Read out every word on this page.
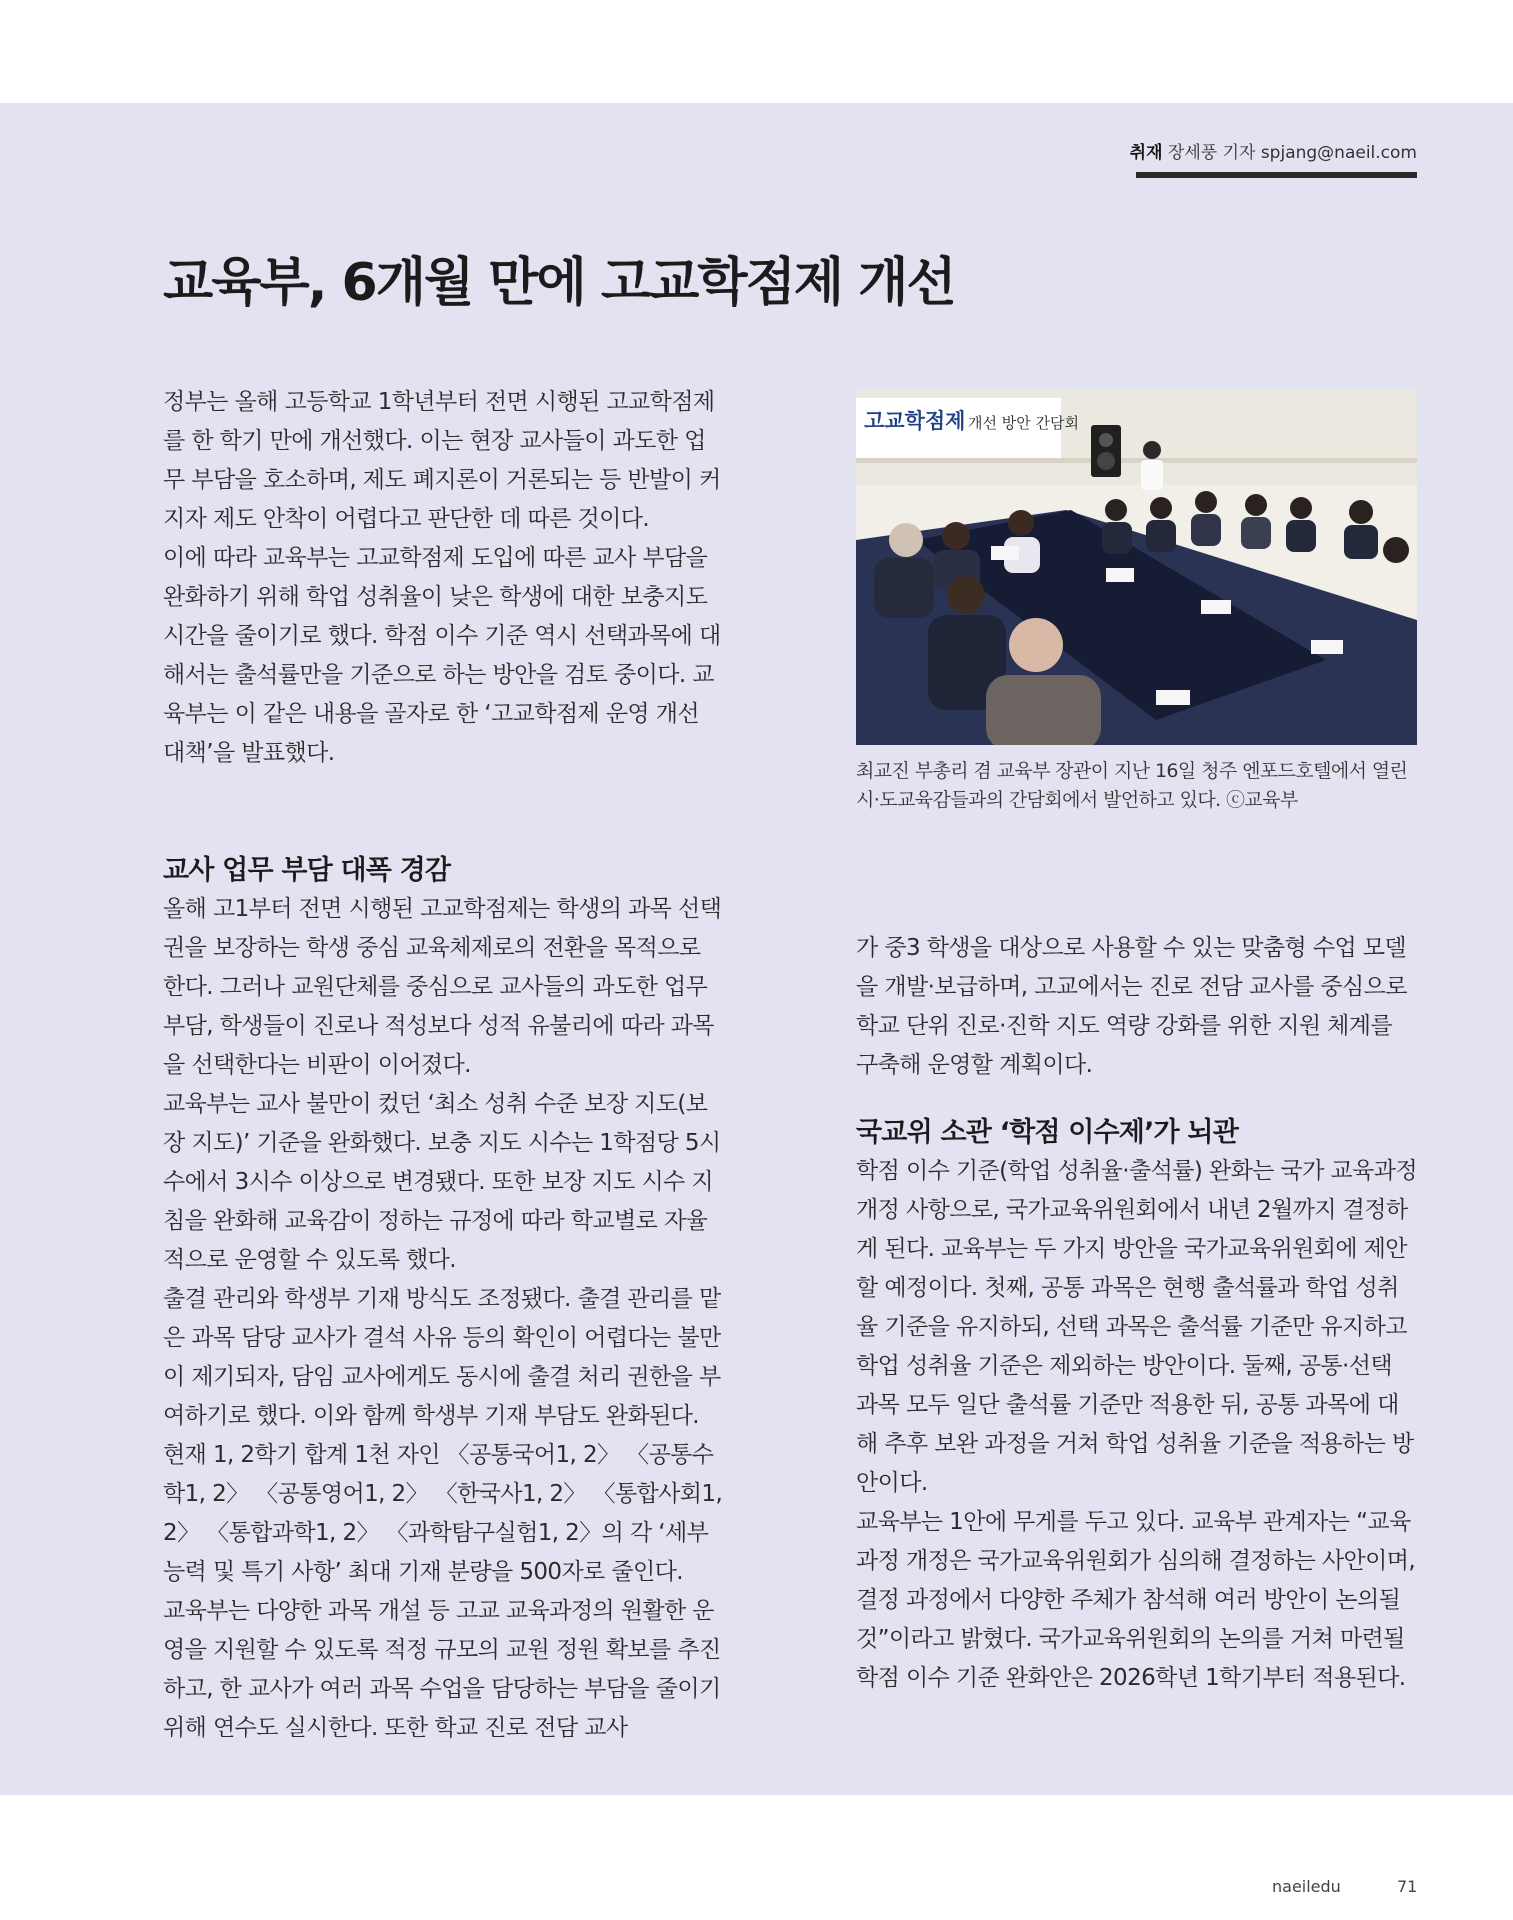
취재 장세풍 기자 spjang@naeil.com
교육부, 6개월 만에 고교학점제 개선

정부는 올해 고등학교 1학년부터 전면 시행된 고교학점제를 한 학기 만에 개선했다. 이는 현장 교사들이 과도한 업무 부담을 호소하며, 제도 폐지론이 거론되는 등 반발이 커지자 제도 안착이 어렵다고 판단한 데 따른 것이다.

이에 따라 교육부는 고교학점제 도입에 따른 교사 부담을 완화하기 위해 학업 성취율이 낮은 학생에 대한 보충지도 시간을 줄이기로 했다. 학점 이수 기준 역시 선택과목에 대해서는 출석률만을 기준으로 하는 방안을 검토 중이다. 교육부는 이 같은 내용을 골자로 한 ‘고교학점제 운영 개선 대책’을 발표했다.

고교학점제 개선 방안 간담회
최교진 부총리 겸 교육부 장관이 지난 16일 청주 엔포드호텔에서 열린 시·도교육감들과의 간담회에서 발언하고 있다. ⓒ교육부
교사 업무 부담 대폭 경감

올해 고1부터 전면 시행된 고교학점제는 학생의 과목 선택권을 보장하는 학생 중심 교육체제로의 전환을 목적으로 한다. 그러나 교원단체를 중심으로 교사들의 과도한 업무 부담, 학생들이 진로나 적성보다 성적 유불리에 따라 과목을 선택한다는 비판이 이어졌다.

교육부는 교사 불만이 컸던 ‘최소 성취 수준 보장 지도(보장 지도)’ 기준을 완화했다. 보충 지도 시수는 1학점당 5시수에서 3시수 이상으로 변경됐다. 또한 보장 지도 시수 지침을 완화해 교육감이 정하는 규정에 따라 학교별로 자율적으로 운영할 수 있도록 했다.

출결 관리와 학생부 기재 방식도 조정됐다. 출결 관리를 맡은 과목 담당 교사가 결석 사유 등의 확인이 어렵다는 불만이 제기되자, 담임 교사에게도 동시에 출결 처리 권한을 부여하기로 했다. 이와 함께 학생부 기재 부담도 완화된다. 현재 1, 2학기 합계 1천 자인 〈공통국어1, 2〉 〈공통수학1, 2〉 〈공통영어1, 2〉 〈한국사1, 2〉 〈통합사회1, 2〉 〈통합과학1, 2〉 〈과학탐구실험1, 2〉의 각 ‘세부 능력 및 특기 사항’ 최대 기재 분량을 500자로 줄인다.

교육부는 다양한 과목 개설 등 고교 교육과정의 원활한 운영을 지원할 수 있도록 적정 규모의 교원 정원 확보를 추진하고, 한 교사가 여러 과목 수업을 담당하는 부담을 줄이기 위해 연수도 실시한다. 또한 학교 진로 전담 교사

가 중3 학생을 대상으로 사용할 수 있는 맞춤형 수업 모델을 개발·보급하며, 고교에서는 진로 전담 교사를 중심으로 학교 단위 진로·진학 지도 역량 강화를 위한 지원 체계를 구축해 운영할 계획이다.

국교위 소관 ‘학점 이수제’가 뇌관

학점 이수 기준(학업 성취율·출석률) 완화는 국가 교육과정 개정 사항으로, 국가교육위원회에서 내년 2월까지 결정하게 된다. 교육부는 두 가지 방안을 국가교육위원회에 제안할 예정이다. 첫째, 공통 과목은 현행 출석률과 학업 성취율 기준을 유지하되, 선택 과목은 출석률 기준만 유지하고 학업 성취율 기준은 제외하는 방안이다. 둘째, 공통·선택 과목 모두 일단 출석률 기준만 적용한 뒤, 공통 과목에 대해 추후 보완 과정을 거쳐 학업 성취율 기준을 적용하는 방안이다.

교육부는 1안에 무게를 두고 있다. 교육부 관계자는 “교육과정 개정은 국가교육위원회가 심의해 결정하는 사안이며, 결정 과정에서 다양한 주체가 참석해 여러 방안이 논의될 것”이라고 밝혔다. 국가교육위원회의 논의를 거쳐 마련될 학점 이수 기준 완화안은 2026학년 1학기부터 적용된다.

naeiledu	71
